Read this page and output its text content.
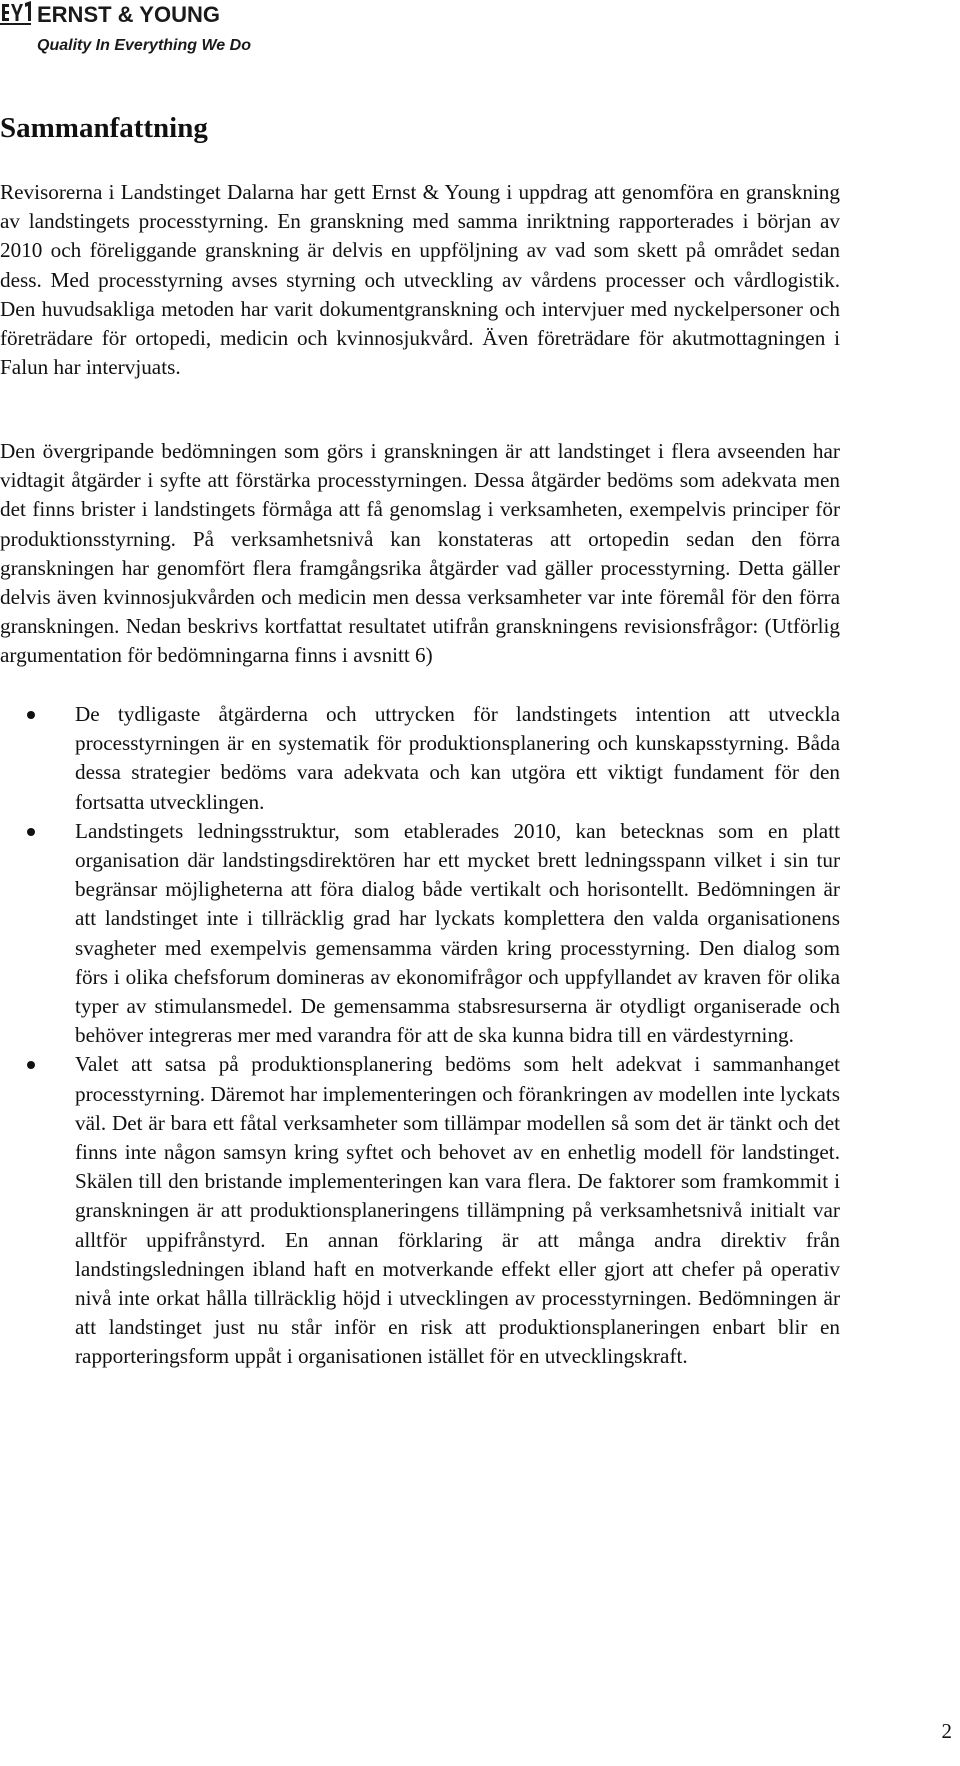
ERNST & YOUNG
Quality In Everything We Do
Sammanfattning

Revisorerna i Landstinget Dalarna har gett Ernst & Young i uppdrag att genomföra en granskning av landstingets processtyrning. En granskning med samma inriktning rapporterades i början av 2010 och föreliggande granskning är delvis en uppföljning av vad som skett på området sedan dess. Med processtyrning avses styrning och utveckling av vårdens processer och vårdlogistik. Den huvudsakliga metoden har varit dokumentgranskning och intervjuer med nyckelpersoner och företrädare för ortopedi, medicin och kvinnosjukvård. Även företrädare för akutmottagningen i Falun har intervjuats.

Den övergripande bedömningen som görs i granskningen är att landstinget i flera avseenden har vidtagit åtgärder i syfte att förstärka processtyrningen. Dessa åtgärder bedöms som adekvata men det finns brister i landstingets förmåga att få genomslag i verksamheten, exempelvis principer för produktionsstyrning. På verksamhetsnivå kan konstateras att ortopedin sedan den förra granskningen har genomfört flera framgångsrika åtgärder vad gäller processtyrning. Detta gäller delvis även kvinnosjukvården och medicin men dessa verksamheter var inte föremål för den förra granskningen. Nedan beskrivs kortfattat resultatet utifrån granskningens revisionsfrågor: (Utförlig argumentation för bedömningarna finns i avsnitt 6)

De tydligaste åtgärderna och uttrycken för landstingets intention att utveckla processtyrningen är en systematik för produktionsplanering och kunskapsstyrning. Båda dessa strategier bedöms vara adekvata och kan utgöra ett viktigt fundament för den fortsatta utvecklingen.
Landstingets ledningsstruktur, som etablerades 2010, kan betecknas som en platt organisation där landstingsdirektören har ett mycket brett ledningsspann vilket i sin tur begränsar möjligheterna att föra dialog både vertikalt och horisontellt. Bedömningen är att landstinget inte i tillräcklig grad har lyckats komplettera den valda organisationens svagheter med exempelvis gemensamma värden kring processtyrning. Den dialog som förs i olika chefsforum domineras av ekonomifrågor och uppfyllandet av kraven för olika typer av stimulansmedel. De gemensamma stabsresurserna är otydligt organiserade och behöver integreras mer med varandra för att de ska kunna bidra till en värdestyrning.
Valet att satsa på produktionsplanering bedöms som helt adekvat i sammanhanget processtyrning. Däremot har implementeringen och förankringen av modellen inte lyckats väl. Det är bara ett fåtal verksamheter som tillämpar modellen så som det är tänkt och det finns inte någon samsyn kring syftet och behovet av en enhetlig modell för landstinget. Skälen till den bristande implementeringen kan vara flera. De faktorer som framkommit i granskningen är att produktionsplaneringens tillämpning på verksamhetsnivå initialt var alltför uppifrånstyrd. En annan förklaring är att många andra direktiv från landstingsledningen ibland haft en motverkande effekt eller gjort att chefer på operativ nivå inte orkat hålla tillräcklig höjd i utvecklingen av processtyrningen. Bedömningen är att landstinget just nu står inför en risk att produktionsplaneringen enbart blir en rapporteringsform uppåt i organisationen istället för en utvecklingskraft.
2
